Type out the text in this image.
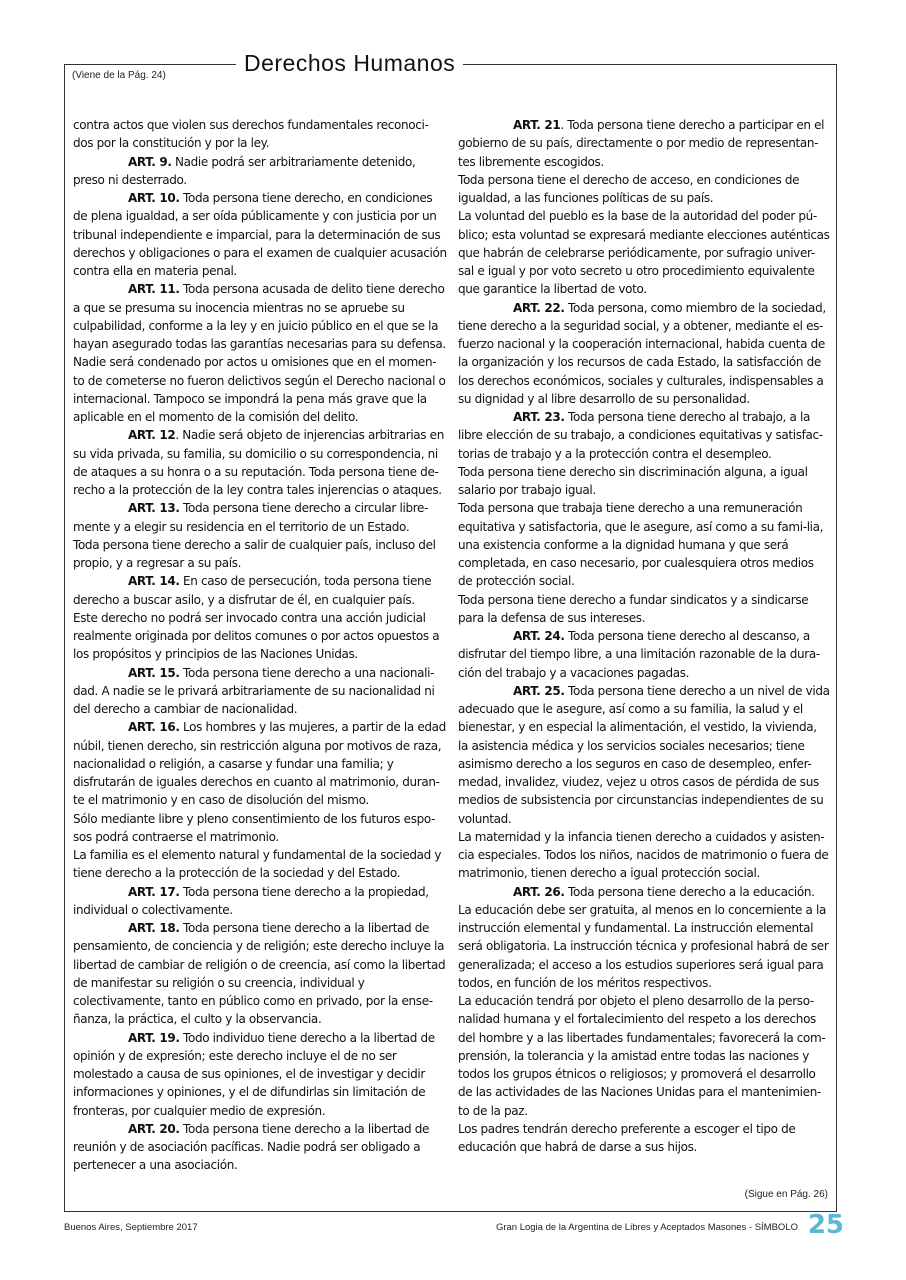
Derechos Humanos
(Viene de la Pág. 24)

contra actos que violen sus derechos fundamentales reconoci-dos por la constitución y por la ley.

ART. 9. Nadie podrá ser arbitrariamente detenido, preso ni desterrado.

ART. 10. Toda persona tiene derecho, en condiciones de plena igualdad, a ser oída públicamente y con justicia por un tribunal independiente e imparcial, para la determinación de sus derechos y obligaciones o para el examen de cualquier acusación contra ella en materia penal.

ART. 11. Toda persona acusada de delito tiene derecho a que se presuma su inocencia mientras no se apruebe su culpabilidad, conforme a la ley y en juicio público en el que se la hayan asegurado todas las garantías necesarias para su defensa.

Nadie será condenado por actos u omisiones que en el momen-to de cometerse no fueron delictivos según el Derecho nacional o internacional. Tampoco se impondrá la pena más grave que la aplicable en el momento de la comisión del delito.

ART. 12. Nadie será objeto de injerencias arbitrarias en su vida privada, su familia, su domicilio o su correspondencia, ni de ataques a su honra o a su reputación. Toda persona tiene de-recho a la protección de la ley contra tales injerencias o ataques.

ART. 13. Toda persona tiene derecho a circular libre-mente y a elegir su residencia en el territorio de un Estado.

Toda persona tiene derecho a salir de cualquier país, incluso del propio, y a regresar a su país.

ART. 14. En caso de persecución, toda persona tiene derecho a buscar asilo, y a disfrutar de él, en cualquier país.

Este derecho no podrá ser invocado contra una acción judicial realmente originada por delitos comunes o por actos opuestos a los propósitos y principios de las Naciones Unidas.

ART. 15. Toda persona tiene derecho a una nacionali-dad. A nadie se le privará arbitrariamente de su nacionalidad ni del derecho a cambiar de nacionalidad.

ART. 16. Los hombres y las mujeres, a partir de la edad núbil, tienen derecho, sin restricción alguna por motivos de raza, nacionalidad o religión, a casarse y fundar una familia; y disfrutarán de iguales derechos en cuanto al matrimonio, duran-te el matrimonio y en caso de disolución del mismo.

Sólo mediante libre y pleno consentimiento de los futuros espo-sos podrá contraerse el matrimonio.

La familia es el elemento natural y fundamental de la sociedad y tiene derecho a la protección de la sociedad y del Estado.

ART. 17. Toda persona tiene derecho a la propiedad, individual o colectivamente.

ART. 18. Toda persona tiene derecho a la libertad de pensamiento, de conciencia y de religión; este derecho incluye la libertad de cambiar de religión o de creencia, así como la libertad de manifestar su religión o su creencia, individual y colectivamente, tanto en público como en privado, por la ense-ñanza, la práctica, el culto y la observancia.

ART. 19. Todo individuo tiene derecho a la libertad de opinión y de expresión; este derecho incluye el de no ser molestado a causa de sus opiniones, el de investigar y decidir informaciones y opiniones, y el de difundirlas sin limitación de fronteras, por cualquier medio de expresión.

ART. 20. Toda persona tiene derecho a la libertad de reunión y de asociación pacíficas. Nadie podrá ser obligado a pertenecer a una asociación.

ART. 21. Toda persona tiene derecho a participar en el gobierno de su país, directamente o por medio de representan-tes libremente escogidos.

Toda persona tiene el derecho de acceso, en condiciones de igualdad, a las funciones políticas de su país.

La voluntad del pueblo es la base de la autoridad del poder pú-blico; esta voluntad se expresará mediante elecciones auténticas que habrán de celebrarse periódicamente, por sufragio univer-sal e igual y por voto secreto u otro procedimiento equivalente que garantice la libertad de voto.

ART. 22. Toda persona, como miembro de la sociedad, tiene derecho a la seguridad social, y a obtener, mediante el es-fuerzo nacional y la cooperación internacional, habida cuenta de la organización y los recursos de cada Estado, la satisfacción de los derechos económicos, sociales y culturales, indispensables a su dignidad y al libre desarrollo de su personalidad.

ART. 23. Toda persona tiene derecho al trabajo, a la libre elección de su trabajo, a condiciones equitativas y satisfac-torias de trabajo y a la protección contra el desempleo.

Toda persona tiene derecho sin discriminación alguna, a igual salario por trabajo igual.

Toda persona que trabaja tiene derecho a una remuneración equitativa y satisfactoria, que le asegure, así como a su fami-lia, una existencia conforme a la dignidad humana y que será completada, en caso necesario, por cualesquiera otros medios de protección social.

Toda persona tiene derecho a fundar sindicatos y a sindicarse para la defensa de sus intereses.

ART. 24. Toda persona tiene derecho al descanso, a disfrutar del tiempo libre, a una limitación razonable de la dura-ción del trabajo y a vacaciones pagadas.

ART. 25. Toda persona tiene derecho a un nivel de vida adecuado que le asegure, así como a su familia, la salud y el bienestar, y en especial la alimentación, el vestido, la vivienda, la asistencia médica y los servicios sociales necesarios; tiene asimismo derecho a los seguros en caso de desempleo, enfer-medad, invalidez, viudez, vejez u otros casos de pérdida de sus medios de subsistencia por circunstancias independientes de su voluntad.

La maternidad y la infancia tienen derecho a cuidados y asisten-cia especiales. Todos los niños, nacidos de matrimonio o fuera de matrimonio, tienen derecho a igual protección social.

ART. 26. Toda persona tiene derecho a la educación.

La educación debe ser gratuita, al menos en lo concerniente a la instrucción elemental y fundamental. La instrucción elemental será obligatoria. La instrucción técnica y profesional habrá de ser generalizada; el acceso a los estudios superiores será igual para todos, en función de los méritos respectivos.

La educación tendrá por objeto el pleno desarrollo de la perso-nalidad humana y el fortalecimiento del respeto a los derechos del hombre y a las libertades fundamentales; favorecerá la com-prensión, la tolerancia y la amistad entre todas las naciones y todos los grupos étnicos o religiosos; y promoverá el desarrollo de las actividades de las Naciones Unidas para el mantenimien-to de la paz.

Los padres tendrán derecho preferente a escoger el tipo de educación que habrá de darse a sus hijos.

(Sigue en Pág. 26)
Buenos Aires, Septiembre 2017	Gran Logia de la Argentina de Libres y Aceptados Masones - SÍMBOLO 25
